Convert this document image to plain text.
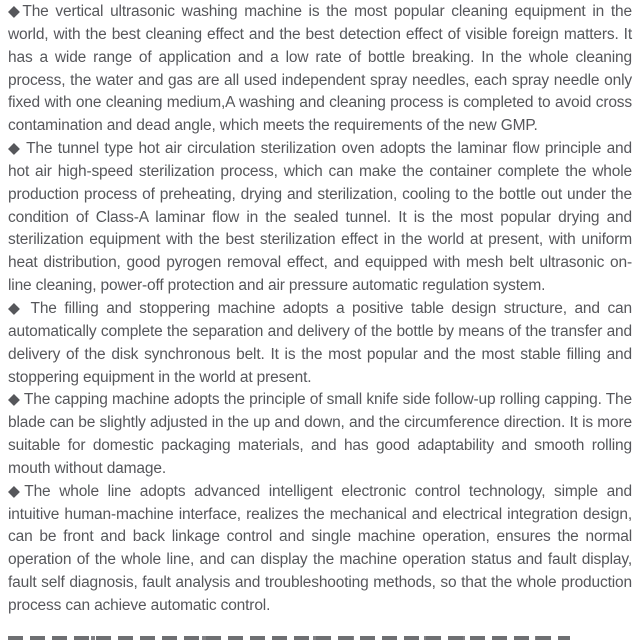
◆The vertical ultrasonic washing machine is the most popular cleaning equipment in the world, with the best cleaning effect and the best detection effect of visible foreign matters. It has a wide range of application and a low rate of bottle breaking. In the whole cleaning process, the water and gas are all used independent spray needles, each spray needle only fixed with one cleaning medium,A washing and cleaning process is completed to avoid cross contamination and dead angle, which meets the requirements of the new GMP.

◆ The tunnel type hot air circulation sterilization oven adopts the laminar flow principle and hot air high-speed sterilization process, which can make the container complete the whole production process of preheating, drying and sterilization, cooling to the bottle out under the condition of Class-A laminar flow in the sealed tunnel. It is the most popular drying and sterilization equipment with the best sterilization effect in the world at present, with uniform heat distribution, good pyrogen removal effect, and equipped with mesh belt ultrasonic on-line cleaning, power-off protection and air pressure automatic regulation system.

◆ The filling and stoppering machine adopts a positive table design structure, and can automatically complete the separation and delivery of the bottle by means of the transfer and delivery of the disk synchronous belt. It is the most popular and the most stable filling and stoppering equipment in the world at present.

◆ The capping machine adopts the principle of small knife side follow-up rolling capping. The blade can be slightly adjusted in the up and down, and the circumference direction. It is more suitable for domestic packaging materials, and has good adaptability and smooth rolling mouth without damage.

◆The whole line adopts advanced intelligent electronic control technology, simple and intuitive human-machine interface, realizes the mechanical and electrical integration design, can be front and back linkage control and single machine operation, ensures the normal operation of the whole line, and can display the machine operation status and fault display, fault self diagnosis, fault analysis and troubleshooting methods, so that the whole production process can achieve automatic control.
